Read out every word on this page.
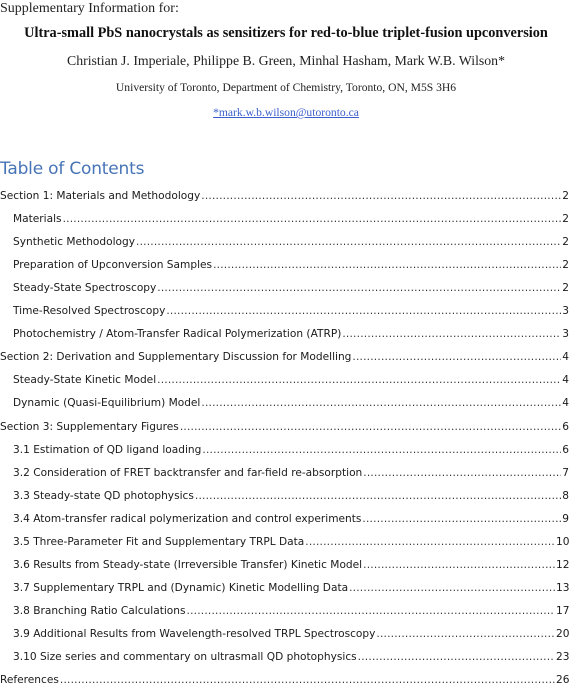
Supplementary Information for:
Ultra-small PbS nanocrystals as sensitizers for red-to-blue triplet-fusion upconversion
Christian J. Imperiale, Philippe B. Green, Minhal Hasham, Mark W.B. Wilson*
University of Toronto, Department of Chemistry, Toronto, ON, M5S 3H6
*mark.w.b.wilson@utoronto.ca
Table of Contents
Section 1: Materials and Methodology .....	2
Materials .....	2
Synthetic Methodology .....	2
Preparation of Upconversion Samples .....	2
Steady-State Spectroscopy .....	2
Time-Resolved Spectroscopy .....	3
Photochemistry / Atom-Transfer Radical Polymerization (ATRP) .....	3
Section 2: Derivation and Supplementary Discussion for Modelling .....	4
Steady-State Kinetic Model .....	4
Dynamic (Quasi-Equilibrium) Model .....	4
Section 3: Supplementary Figures .....	6
3.1 Estimation of QD ligand loading .....	6
3.2 Consideration of FRET backtransfer and far-field re-absorption .....	7
3.3 Steady-state QD photophysics .....	8
3.4 Atom-transfer radical polymerization and control experiments .....	9
3.5 Three-Parameter Fit and Supplementary TRPL Data .....	10
3.6 Results from Steady-state (Irreversible Transfer) Kinetic Model .....	12
3.7 Supplementary TRPL and (Dynamic) Kinetic Modelling Data .....	13
3.8 Branching Ratio Calculations .....	17
3.9 Additional Results from Wavelength-resolved TRPL Spectroscopy .....	20
3.10 Size series and commentary on ultrasmall QD photophysics .....	23
References .....	26
